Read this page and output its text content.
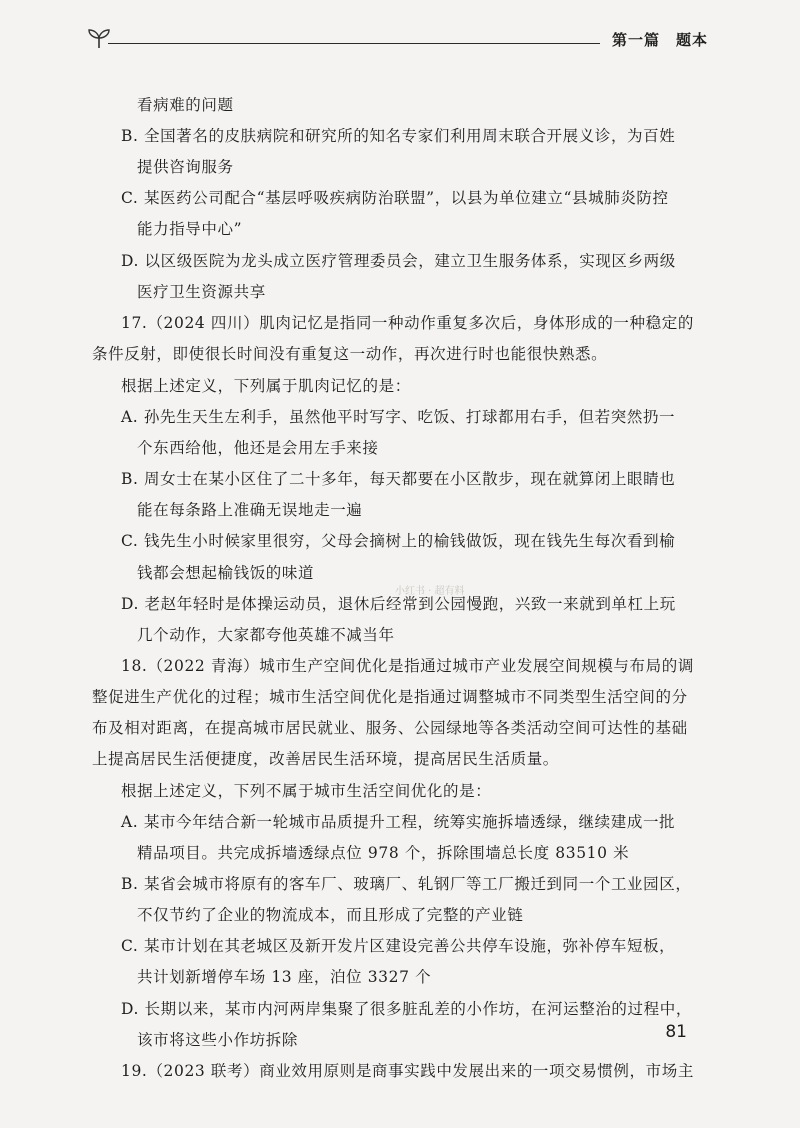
第一篇　题本
看病难的问题
B. 全国著名的皮肤病院和研究所的知名专家们利用周末联合开展义诊，为百姓
提供咨询服务
C. 某医药公司配合“基层呼吸疾病防治联盟”，以县为单位建立“县城肺炎防控
能力指导中心”
D. 以区级医院为龙头成立医疗管理委员会，建立卫生服务体系，实现区乡两级
医疗卫生资源共享
17.（2024 四川）肌肉记忆是指同一种动作重复多次后，身体形成的一种稳定的
条件反射，即使很长时间没有重复这一动作，再次进行时也能很快熟悉。
根据上述定义，下列属于肌肉记忆的是：
A. 孙先生天生左利手，虽然他平时写字、吃饭、打球都用右手，但若突然扔一
个东西给他，他还是会用左手来接
B. 周女士在某小区住了二十多年，每天都要在小区散步，现在就算闭上眼睛也
能在每条路上准确无误地走一遍
C. 钱先生小时候家里很穷，父母会摘树上的榆钱做饭，现在钱先生每次看到榆
钱都会想起榆钱饭的味道
D. 老赵年轻时是体操运动员，退休后经常到公园慢跑，兴致一来就到单杠上玩
几个动作，大家都夸他英雄不减当年
18.（2022 青海）城市生产空间优化是指通过城市产业发展空间规模与布局的调
整促进生产优化的过程；城市生活空间优化是指通过调整城市不同类型生活空间的分
布及相对距离，在提高城市居民就业、服务、公园绿地等各类活动空间可达性的基础
上提高居民生活便捷度，改善居民生活环境，提高居民生活质量。
根据上述定义，下列不属于城市生活空间优化的是：
A. 某市今年结合新一轮城市品质提升工程，统筹实施拆墙透绿，继续建成一批
精品项目。共完成拆墙透绿点位 978 个，拆除围墙总长度 83510 米
B. 某省会城市将原有的客车厂、玻璃厂、轧钢厂等工厂搬迁到同一个工业园区，
不仅节约了企业的物流成本，而且形成了完整的产业链
C. 某市计划在其老城区及新开发片区建设完善公共停车设施，弥补停车短板，
共计划新增停车场 13 座，泊位 3327 个
D. 长期以来，某市内河两岸集聚了很多脏乱差的小作坊，在河运整治的过程中，
该市将这些小作坊拆除
19.（2023 联考）商业效用原则是商事实践中发展出来的一项交易惯例，市场主
小红书 · 超有料
81
